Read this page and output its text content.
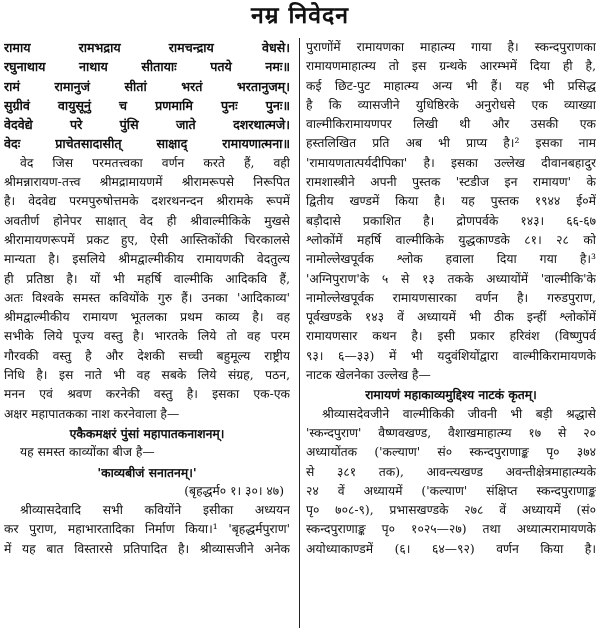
नम्र निवेदन
रामाय रामभद्राय रामचन्द्राय वेधसे।
रघुनाथाय नाथाय सीतायाः पतये नमः॥
रामं रामानुजं सीतां भरतं भरतानुजम्।
सुग्रीवं वायुसूनुं च प्रणमामि पुनः पुनः॥
वेदवेद्ये परे पुंसि जाते दशरथात्मजे।
वेदः प्राचेतसादासीत् साक्षाद् रामायणात्मना॥
वेद जिस परमतत्त्वका वर्णन करते हैं, वही
श्रीमन्नारायण-तत्त्व श्रीमद्रामायणमें श्रीरामरूपसे निरूपित
है। वेदवेद्य परमपुरुषोत्तमके दशरथनन्दन श्रीरामके रूपमें
अवतीर्ण होनेपर साक्षात् वेद ही श्रीवाल्मीकिके मुखसे
श्रीरामायणरूपमें प्रकट हुए, ऐसी आस्तिकोंकी चिरकालसे
मान्यता है। इसलिये श्रीमद्वाल्मीकीय रामायणकी वेदतुल्य
ही प्रतिष्ठा है। यों भी महर्षि वाल्मीकि आदिकवि हैं,
अतः विश्वके समस्त कवियोंके गुरु हैं। उनका 'आदिकाव्य'
श्रीमद्वाल्मीकीय रामायण भूतलका प्रथम काव्य है। वह
सभीके लिये पूज्य वस्तु है। भारतके लिये तो वह परम
गौरवकी वस्तु है और देशकी सच्ची बहुमूल्य राष्ट्रीय
निधि है। इस नाते भी वह सबके लिये संग्रह, पठन,
मनन एवं श्रवण करनेकी वस्तु है। इसका एक-एक
अक्षर महापातकका नाश करनेवाला है—
एकैकमक्षरं पुंसां महापातकनाशनम्।
यह समस्त काव्योंका बीज है—
'काव्यबीजं सनातनम्।'
(बृहद्धर्म० १। ३०। ४७)
श्रीव्यासदेवादि सभी कवियोंने इसीका अध्ययन
कर पुराण, महाभारतादिका निर्माण किया।¹ 'बृहद्धर्मपुराण'
में यह बात विस्तारसे प्रतिपादित है। श्रीव्यासजीने अनेक
पुराणोंमें रामायणका माहात्म्य गाया है। स्कन्दपुराणका
रामायणमाहात्म्य तो इस ग्रन्थके आरम्भमें दिया ही है,
कई छिट-पुट माहात्म्य अन्य भी हैं। यह भी प्रसिद्ध
है कि व्यासजीने युधिष्ठिरके अनुरोधसे एक व्याख्या
वाल्मीकिरामायणपर लिखी थी और उसकी एक
हस्तलिखित प्रति अब भी प्राप्य है।² इसका नाम
'रामायणतात्पर्यदीपिका' है। इसका उल्लेख दीवानबहादुर
रामशास्त्रीने अपनी पुस्तक 'स्टडीज इन रामायण' के
द्वितीय खण्डमें किया है। यह पुस्तक १९४४ ई०में
बड़ौदासे प्रकाशित है। द्रोणपर्वके १४३। ६६-६७
श्लोकोंमें महर्षि वाल्मीकिके युद्धकाण्डके ८१। २८ को
नामोल्लेखपूर्वक श्लोक हवाला दिया गया है।³
'अग्निपुराण'के ५ से १३ तकके अध्यायोंमें 'वाल्मीकि'के
नामोल्लेखपूर्वक रामायणसारका वर्णन है। गरुडपुराण,
पूर्वखण्डके १४३ वें अध्यायमें भी ठीक इन्हीं श्लोकोंमें
रामायणसार कथन है। इसी प्रकार हरिवंश (विष्णुपर्व
९३। ६—३३) में भी यदुवंशियोंद्वारा वाल्मीकिरामायणके
नाटक खेलनेका उल्लेख है—
रामायणं महाकाव्यमुद्दिश्य नाटकं कृतम्।
श्रीव्यासदेवजीने वाल्मीकिकी जीवनी भी बड़ी श्रद्धासे
'स्कन्दपुराण' वैष्णवखण्ड, वैशाखमाहात्म्य १७ से २०
अध्यायोंतक ('कल्याण' सं० स्कन्दपुराणाङ्क पृ० ३७४
से ३८१ तक), आवन्त्यखण्ड अवन्तीक्षेत्रमाहात्म्यके
२४ वें अध्यायमें ('कल्याण' संक्षिप्त स्कन्दपुराणाङ्क
पृ० ७०८-९), प्रभासखण्डके २७८ वें अध्यायमें (सं०
स्कन्दपुराणाङ्क पृ० १०२५—२७) तथा अध्यात्मरामायणके
अयोध्याकाण्डमें (६। ६४—९२) वर्णन किया है।
